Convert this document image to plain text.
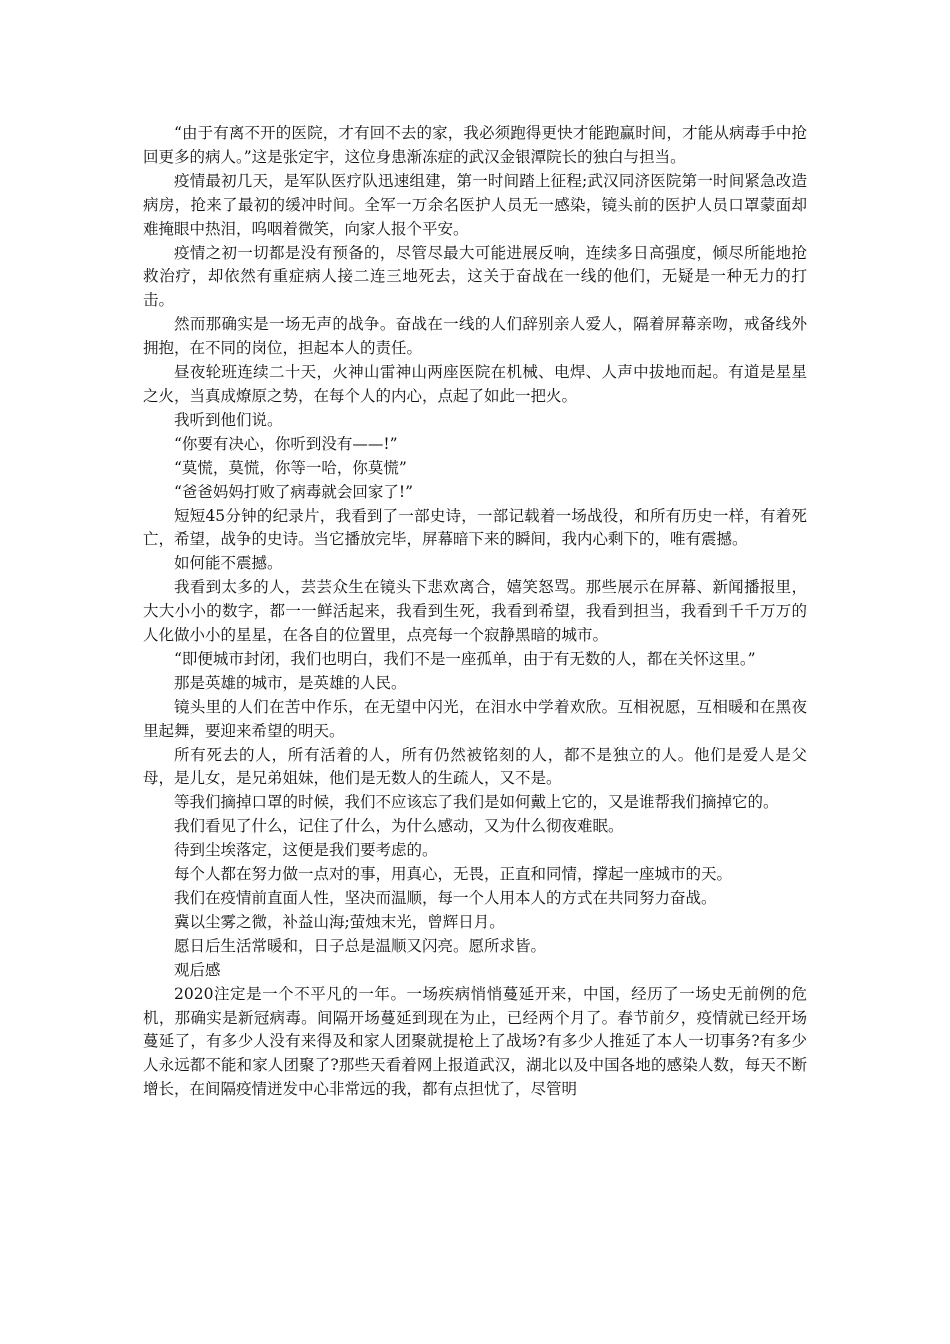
“由于有离不开的医院，才有回不去的家，我必须跑得更快才能跑赢时间，才能从病毒手中抢回更多的病人。”这是张定宇，这位身患渐冻症的武汉金银潭院长的独白与担当。

疫情最初几天，是军队医疗队迅速组建，第一时间踏上征程;武汉同济医院第一时间紧急改造病房，抢来了最初的缓冲时间。全军一万余名医护人员无一感染，镜头前的医护人员口罩蒙面却难掩眼中热泪，呜咽着微笑，向家人报个平安。

疫情之初一切都是没有预备的，尽管尽最大可能进展反响，连续多日高强度，倾尽所能地抢救治疗，却依然有重症病人接二连三地死去，这关于奋战在一线的他们，无疑是一种无力的打击。

然而那确实是一场无声的战争。奋战在一线的人们辞别亲人爱人，隔着屏幕亲吻，戒备线外拥抱，在不同的岗位，担起本人的责任。

昼夜轮班连续二十天，火神山雷神山两座医院在机械、电焊、人声中拔地而起。有道是星星之火，当真成燎原之势，在每个人的内心，点起了如此一把火。

我听到他们说。

“你要有决心，你听到没有——!”

“莫慌，莫慌，你等一哈，你莫慌”

“爸爸妈妈打败了病毒就会回家了!”

短短45分钟的纪录片，我看到了一部史诗，一部记载着一场战役，和所有历史一样，有着死亡，希望，战争的史诗。当它播放完毕，屏幕暗下来的瞬间，我内心剩下的，唯有震撼。

如何能不震撼。

我看到太多的人，芸芸众生在镜头下悲欢离合，嬉笑怒骂。那些展示在屏幕、新闻播报里，大大小小的数字，都一一鲜活起来，我看到生死，我看到希望，我看到担当，我看到千千万万的人化做小小的星星，在各自的位置里，点亮每一个寂静黑暗的城市。

“即便城市封闭，我们也明白，我们不是一座孤单，由于有无数的人，都在关怀这里。”

那是英雄的城市，是英雄的人民。

镜头里的人们在苦中作乐，在无望中闪光，在泪水中学着欢欣。互相祝愿，互相暖和在黑夜里起舞，要迎来希望的明天。

所有死去的人，所有活着的人，所有仍然被铭刻的人，都不是独立的人。他们是爱人是父母，是儿女，是兄弟姐妹，他们是无数人的生疏人，又不是。

等我们摘掉口罩的时候，我们不应该忘了我们是如何戴上它的，又是谁帮我们摘掉它的。

我们看见了什么，记住了什么，为什么感动，又为什么彻夜难眠。

待到尘埃落定，这便是我们要考虑的。

每个人都在努力做一点对的事，用真心，无畏，正直和同情，撑起一座城市的天。

我们在疫情前直面人性，坚决而温顺，每一个人用本人的方式在共同努力奋战。

冀以尘雾之微，补益山海;萤烛末光，曾辉日月。

愿日后生活常暖和，日子总是温顺又闪亮。愿所求皆。

观后感

2020注定是一个不平凡的一年。一场疾病悄悄蔓延开来，中国，经历了一场史无前例的危机，那确实是新冠病毒。间隔开场蔓延到现在为止，已经两个月了。春节前夕，疫情就已经开场蔓延了，有多少人没有来得及和家人团聚就提枪上了战场?有多少人推延了本人一切事务?有多少人永远都不能和家人团聚了?那些天看着网上报道武汉，湖北以及中国各地的感染人数，每天不断增长，在间隔疫情迸发中心非常远的我，都有点担忧了，尽管明
